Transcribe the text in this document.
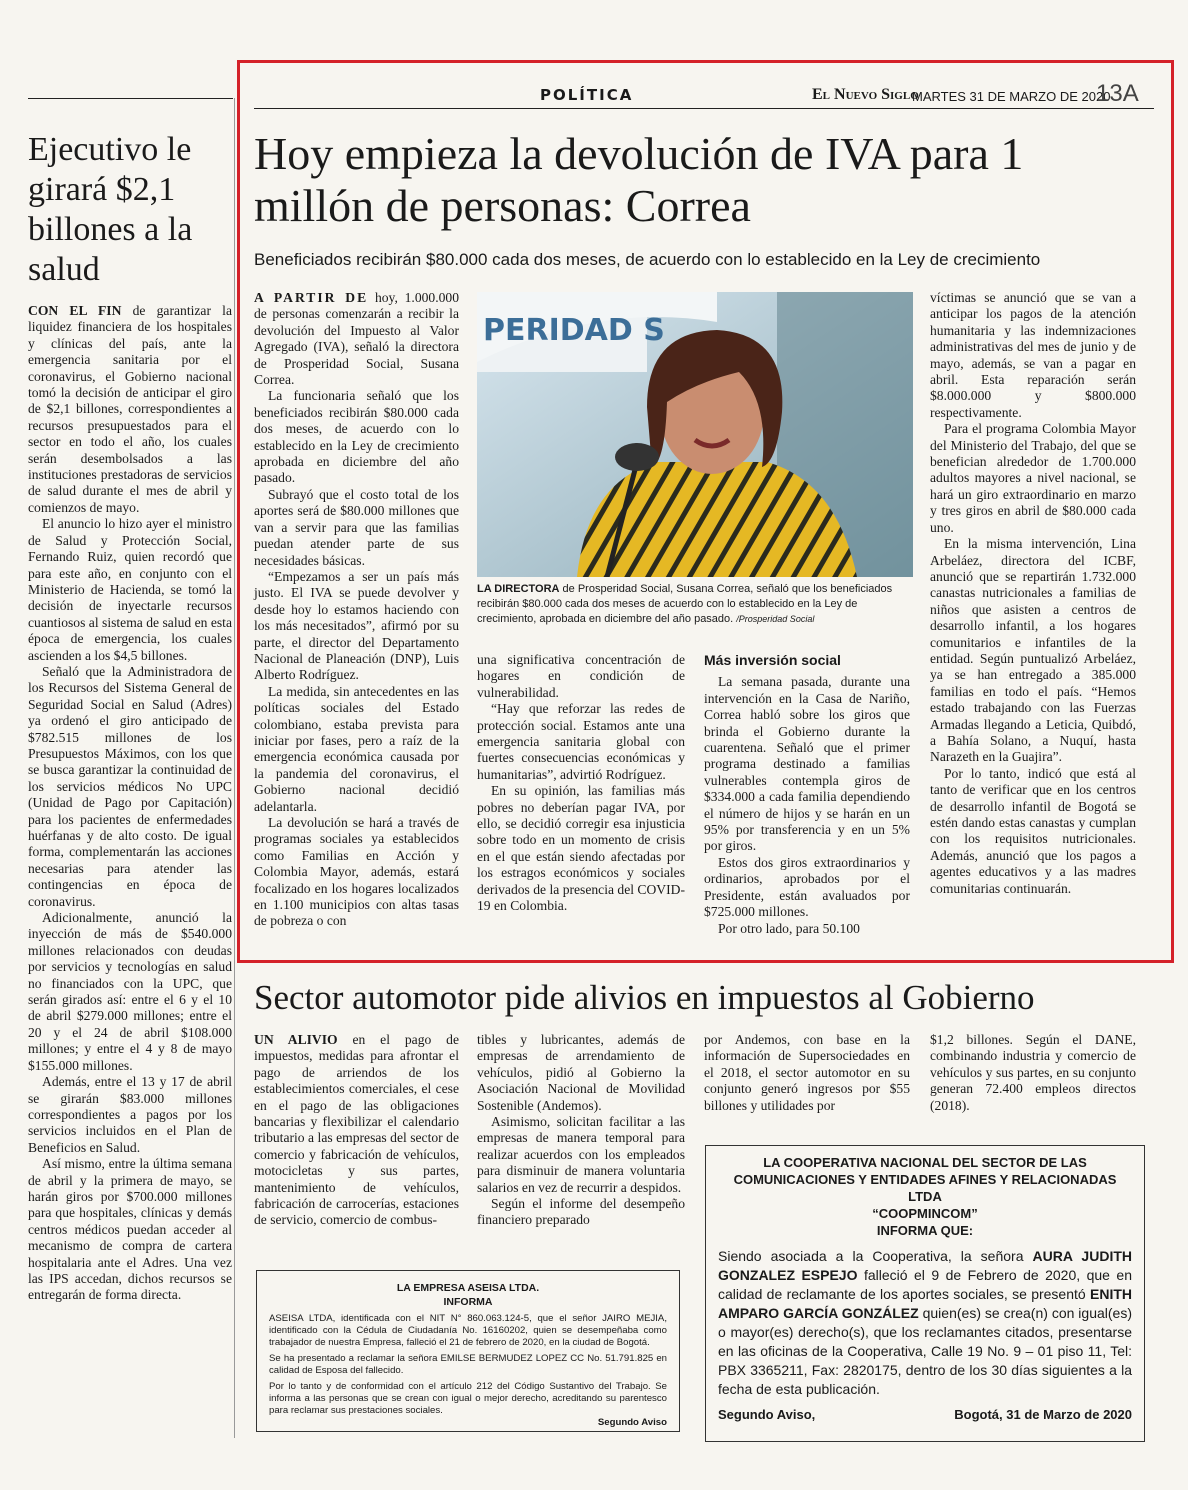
Ejecutivo le girará $2,1 billones a la salud

CON EL FIN de garantizar la liquidez financiera de los hospitales y clínicas del país, ante la emergencia sanitaria por el coronavirus, el Gobierno nacional tomó la decisión de anticipar el giro de $2,1 billones, correspondientes a recursos presupuestados para el sector en todo el año, los cuales serán desembolsados a las instituciones prestadoras de servicios de salud durante el mes de abril y comienzos de mayo.

El anuncio lo hizo ayer el ministro de Salud y Protección Social, Fernando Ruiz, quien recordó que para este año, en conjunto con el Ministerio de Hacienda, se tomó la decisión de inyectarle recursos cuantiosos al sistema de salud en esta época de emergencia, los cuales ascienden a los $4,5 billones.

Señaló que la Administradora de los Recursos del Sistema General de Seguridad Social en Salud (Adres) ya ordenó el giro anticipado de $782.515 millones de los Presupuestos Máximos, con los que se busca garantizar la continuidad de los servicios médicos No UPC (Unidad de Pago por Capitación) para los pacientes de enfermedades huérfanas y de alto costo. De igual forma, complementarán las acciones necesarias para atender las contingencias en época de coronavirus.

Adicionalmente, anunció la inyección de más de $540.000 millones relacionados con deudas por servicios y tecnologías en salud no financiados con la UPC, que serán girados así: entre el 6 y el 10 de abril $279.000 millones; entre el 20 y el 24 de abril $108.000 millones; y entre el 4 y 8 de mayo $155.000 millones.

Además, entre el 13 y 17 de abril se girarán $83.000 millones correspondientes a pagos por los servicios incluidos en el Plan de Beneficios en Salud.

Así mismo, entre la última semana de abril y la primera de mayo, se harán giros por $700.000 millones para que hospitales, clínicas y demás centros médicos puedan acceder al mecanismo de compra de cartera hospitalaria ante el Adres. Una vez las IPS accedan, dichos recursos se entregarán de forma directa.

POLÍTICA	El Nuevo Siglo
MARTES 31 DE MARZO DE 2020
13A
Hoy empieza la devolución de IVA para 1 millón de personas: Correa
Beneficiados recibirán $80.000 cada dos meses, de acuerdo con lo establecido en la Ley de crecimiento

A PARTIR DE hoy, 1.000.000 de personas comenzarán a recibir la devolución del Impuesto al Valor Agregado (IVA), señaló la directora de Prosperidad Social, Susana Correa.

La funcionaria señaló que los beneficiados recibirán $80.000 cada dos meses, de acuerdo con lo establecido en la Ley de crecimiento aprobada en diciembre del año pasado.

Subrayó que el costo total de los aportes será de $80.000 millones que van a servir para que las familias puedan atender parte de sus necesidades básicas.

“Empezamos a ser un país más justo. El IVA se puede devolver y desde hoy lo estamos haciendo con los más necesitados”, afirmó por su parte, el director del Departamento Nacional de Planeación (DNP), Luis Alberto Rodríguez.

La medida, sin antecedentes en las políticas sociales del Estado colombiano, estaba prevista para iniciar por fases, pero a raíz de la emergencia económica causada por la pandemia del coronavirus, el Gobierno nacional decidió adelantarla.

La devolución se hará a través de programas sociales ya establecidos como Familias en Acción y Colombia Mayor, además, estará focalizado en los hogares localizados en 1.100 municipios con altas tasas de pobreza o con

PERIDAD S
LA DIRECTORA de Prosperidad Social, Susana Correa, señaló que los beneficiados recibirán $80.000 cada dos meses de acuerdo con lo establecido en la Ley de crecimiento, aprobada en diciembre del año pasado. /Prosperidad Social

una significativa concentración de hogares en condición de vulnerabilidad.

“Hay que reforzar las redes de protección social. Estamos ante una emergencia sanitaria global con fuertes consecuencias económicas y humanitarias”, advirtió Rodríguez.

En su opinión, las familias más pobres no deberían pagar IVA, por ello, se decidió corregir esa injusticia sobre todo en un momento de crisis en el que están siendo afectadas por los estragos económicos y sociales derivados de la presencia del COVID-19 en Colombia.

Más inversión social

La semana pasada, durante una intervención en la Casa de Nariño, Correa habló sobre los giros que brinda el Gobierno durante la cuarentena. Señaló que el primer programa destinado a familias vulnerables contempla giros de $334.000 a cada familia dependiendo el número de hijos y se harán en un 95% por transferencia y en un 5% por giros.

Estos dos giros extraordinarios y ordinarios, aprobados por el Presidente, están avaluados por $725.000 millones.

Por otro lado, para 50.100

víctimas se anunció que se van a anticipar los pagos de la atención humanitaria y las indemnizaciones administrativas del mes de junio y de mayo, además, se van a pagar en abril. Esta reparación serán $8.000.000 y $800.000 respectivamente.

Para el programa Colombia Mayor del Ministerio del Trabajo, del que se benefician alrededor de 1.700.000 adultos mayores a nivel nacional, se hará un giro extraordinario en marzo y tres giros en abril de $80.000 cada uno.

En la misma intervención, Lina Arbeláez, directora del ICBF, anunció que se repartirán 1.732.000 canastas nutricionales a familias de niños que asisten a centros de desarrollo infantil, a los hogares comunitarios e infantiles de la entidad. Según puntualizó Arbeláez, ya se han entregado a 385.000 familias en todo el país. “Hemos estado trabajando con las Fuerzas Armadas llegando a Leticia, Quibdó, a Bahía Solano, a Nuquí, hasta Narazeth en la Guajira”.

Por lo tanto, indicó que está al tanto de verificar que en los centros de desarrollo infantil de Bogotá se estén dando estas canastas y cumplan con los requisitos nutricionales. Además, anunció que los pagos a agentes educativos y a las madres comunitarias continuarán.

Sector automotor pide alivios en impuestos al Gobierno

UN ALIVIO en el pago de impuestos, medidas para afrontar el pago de arriendos de los establecimientos comerciales, el cese en el pago de las obligaciones bancarias y flexibilizar el calendario tributario a las empresas del sector de comercio y fabricación de vehículos, motocicletas y sus partes, mantenimiento de vehículos, fabricación de carrocerías, estaciones de servicio, comercio de combus-

tibles y lubricantes, además de empresas de arrendamiento de vehículos, pidió al Gobierno la Asociación Nacional de Movilidad Sostenible (Andemos).

Asimismo, solicitan facilitar a las empresas de manera temporal para realizar acuerdos con los empleados para disminuir de manera voluntaria salarios en vez de recurrir a despidos.

Según el informe del desempeño financiero preparado

por Andemos, con base en la información de Supersociedades en el 2018, el sector automotor en su conjunto generó ingresos por $55 billones y utilidades por

$1,2 billones. Según el DANE, combinando industria y comercio de vehículos y sus partes, en su conjunto generan 72.400 empleos directos (2018).

LA EMPRESA ASEISA LTDA.
INFORMA

ASEISA LTDA, identificada con el NIT N° 860.063.124-5, que el señor JAIRO MEJIA, identificado con la Cédula de Ciudadanía No. 16160202, quien se desempeñaba como trabajador de nuestra Empresa, falleció el 21 de febrero de 2020, en la ciudad de Bogotá.

Se ha presentado a reclamar la señora EMILSE BERMUDEZ LOPEZ CC No. 51.791.825 en calidad de Esposa del fallecido.

Por lo tanto y de conformidad con el artículo 212 del Código Sustantivo del Trabajo. Se informa a las personas que se crean con igual o mejor derecho, acreditando su parentesco para reclamar sus prestaciones sociales.

Segundo Aviso
LA COOPERATIVA NACIONAL DEL SECTOR DE LAS COMUNICACIONES Y ENTIDADES AFINES Y RELACIONADAS LTDA
“COOPMINCOM”
INFORMA QUE:
Siendo asociada a la Cooperativa, la señora AURA JUDITH GONZALEZ ESPEJO falleció el 9 de Febrero de 2020, que en calidad de reclamante de los aportes sociales, se presentó ENITH AMPARO GARCÍA GONZÁLEZ quien(es) se crea(n) con igual(es) o mayor(es) derecho(s), que los reclamantes citados, presentarse en las oficinas de la Cooperativa, Calle 19 No. 9 – 01 piso 11, Tel: PBX 3365211, Fax: 2820175, dentro de los 30 días siguientes a la fecha de esta publicación.
Segundo Aviso,	Bogotá, 31 de Marzo de 2020
